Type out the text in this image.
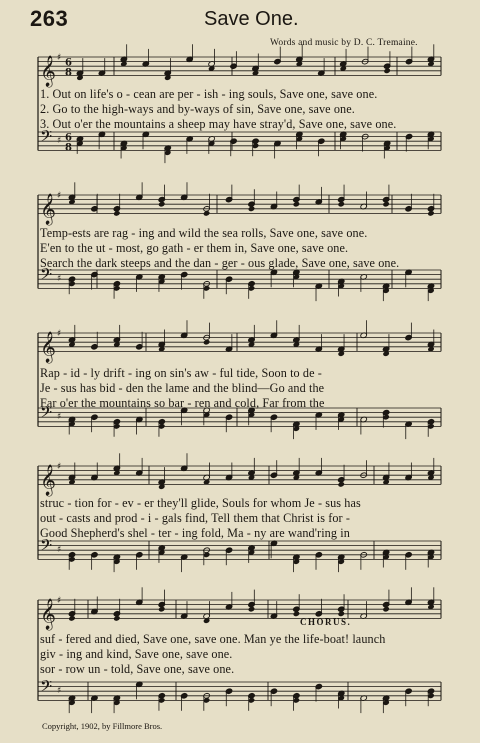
263	Save One.
Words and music by D. C. Tremaine.
𝄞 ♯ 6
8
𝄢 ♯ 6
8
𝄞 ♯
𝄢 ♯
𝄞 ♯
𝄢 ♯
𝄞 ♯
𝄢 ♯
𝄞 ♯
𝄢 ♯
1. Out on life's o - cean are per - ish - ing souls, Save one, save one.
2. Go to the high-ways and by-ways of sin, Save one, save one.
3. Out o'er the mountains a sheep may have stray'd, Save one, save one.
Temp-ests are rag - ing and wild the sea rolls, Save one, save one.
E'en to the ut - most, go gath - er them in, Save one, save one.
Search the dark steeps and the dan - ger - ous glade, Save one, save one.
Rap - id - ly drift - ing on sin's aw - ful tide, Soon to de -
Je - sus has bid - den the lame and the blind—Go and the
Far o'er the mountains so bar - ren and cold, Far from the
struc - tion for - ev - er they'll glide, Souls for whom Je - sus has
out - casts and prod - i - gals find, Tell them that Christ is for -
Good Shepherd's shel - ter - ing fold, Ma - ny are wand'ring in
suf - fered and died, Save one, save one. Man ye the life-boat! launch
giv - ing and kind, Save one, save one.
sor - row un - told, Save one, save one.
CHORUS.
Copyright, 1902, by Fillmore Bros.
